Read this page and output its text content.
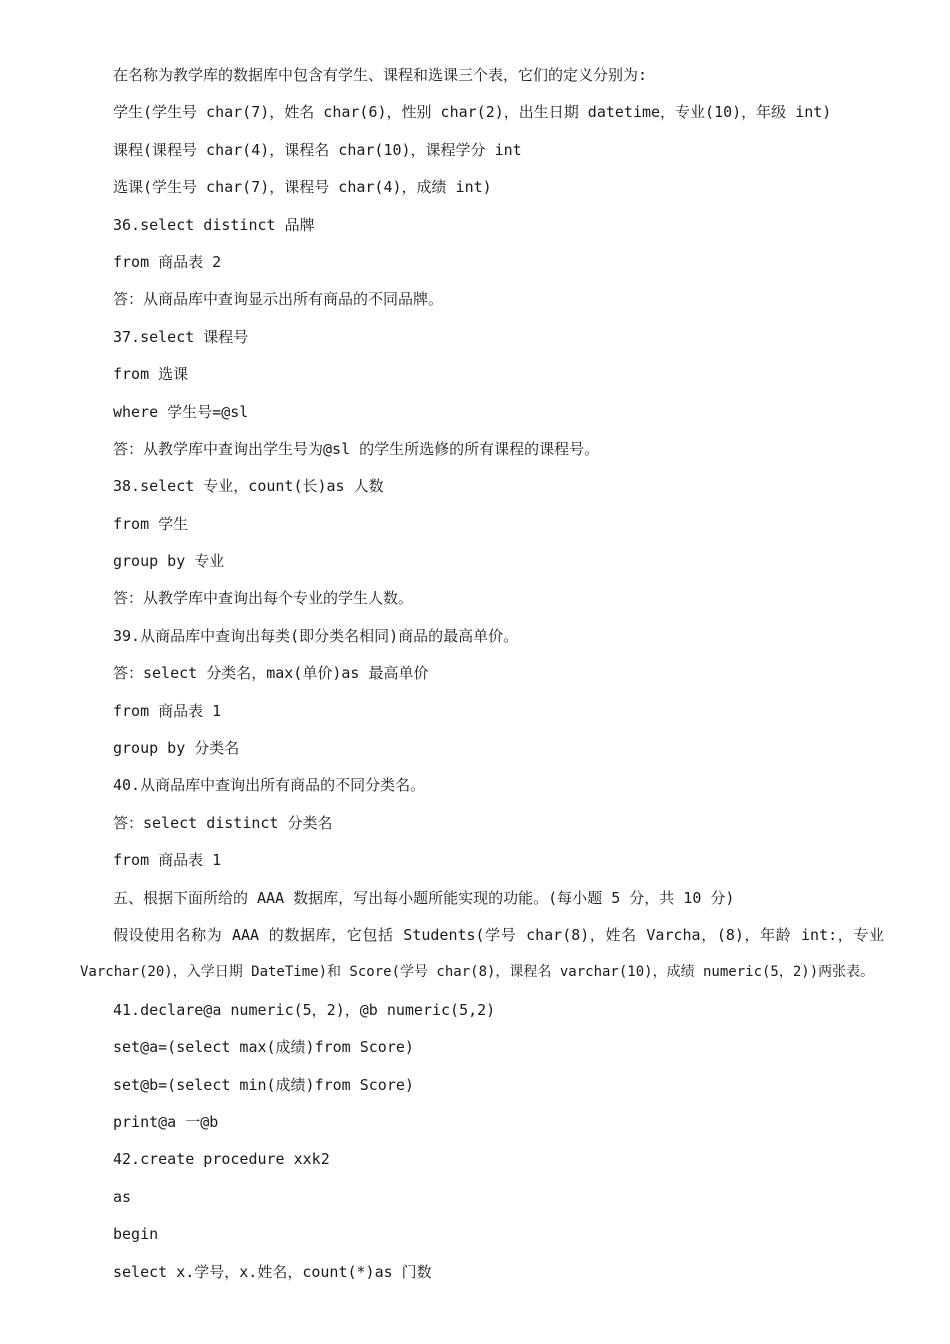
在名称为教学库的数据库中包含有学生、课程和选课三个表，它们的定义分别为:
学生(学生号 char(7)，姓名 char(6)，性别 char(2)，出生日期 datetime，专业(10)，年级 int)
课程(课程号 char(4)，课程名 char(10)，课程学分 int
选课(学生号 char(7)，课程号 char(4)，成绩 int)
36.select distinct 品牌
from 商品表 2
答：从商品库中查询显示出所有商品的不同品牌。
37.select 课程号
from 选课
where 学生号=@sl
答：从教学库中查询出学生号为@sl 的学生所选修的所有课程的课程号。
38.select 专业，count(长)as 人数
from 学生
group by 专业
答：从教学库中查询出每个专业的学生人数。
39.从商品库中查询出每类(即分类名相同)商品的最高单价。
答：select 分类名，max(单价)as 最高单价
from 商品表 1
group by 分类名
40.从商品库中查询出所有商品的不同分类名。
答：select distinct 分类名
from 商品表 1
五、根据下面所给的 AAA 数据库，写出每小题所能实现的功能。(每小题 5 分，共 10 分)
假设使用名称为 AAA 的数据库，它包括 Students(学号 char(8)，姓名 Varcha，(8)，年龄 int:，专业
Varchar(20)，入学日期 DateTime)和 Score(学号 char(8)，课程名 varchar(10)，成绩 numeric(5，2))两张表。
41.declare@a numeric(5，2)，@b numeric(5,2)
set@a=(select max(成绩)from Score)
set@b=(select min(成绩)from Score)
print@a 一@b
42.create procedure xxk2
as
begin
select x.学号，x.姓名，count(*)as 门数
